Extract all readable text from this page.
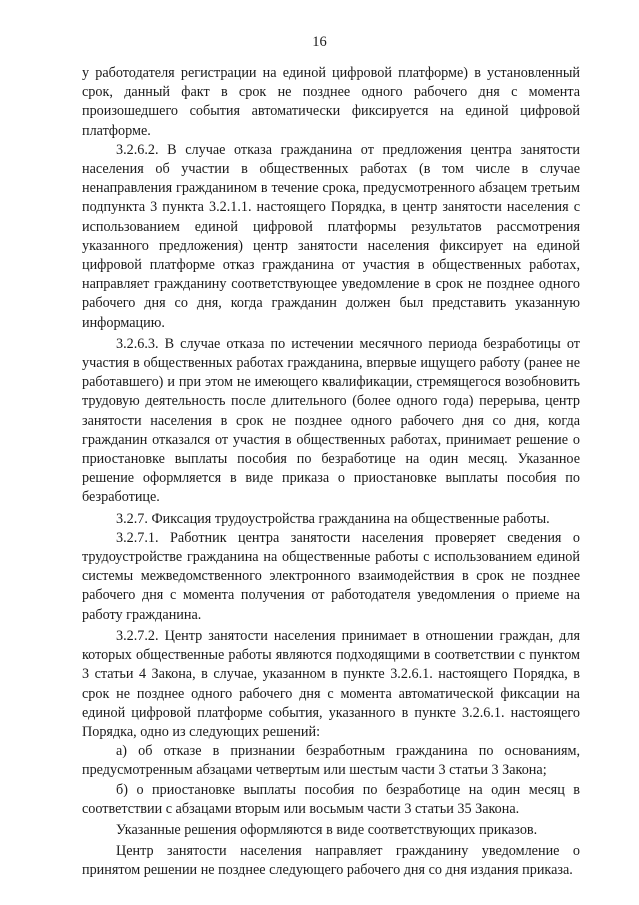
16

у работодателя регистрации на единой цифровой платформе) в установленный срок, данный факт в срок не позднее одного рабочего дня с момента произошедшего события автоматически фиксируется на единой цифровой платформе.

3.2.6.2. В случае отказа гражданина от предложения центра занятости населения об участии в общественных работах (в том числе в случае ненаправления гражданином в течение срока, предусмотренного абзацем третьим подпункта 3 пункта 3.2.1.1. настоящего Порядка, в центр занятости населения с использованием единой цифровой платформы результатов рассмотрения указанного предложения) центр занятости населения фиксирует на единой цифровой платформе отказ гражданина от участия в общественных работах, направляет гражданину соответствующее уведомление в срок не позднее одного рабочего дня со дня, когда гражданин должен был представить указанную информацию.

3.2.6.3. В случае отказа по истечении месячного периода безработицы от участия в общественных работах гражданина, впервые ищущего работу (ранее не работавшего) и при этом не имеющего квалификации, стремящегося возобновить трудовую деятельность после длительного (более одного года) перерыва, центр занятости населения в срок не позднее одного рабочего дня со дня, когда гражданин отказался от участия в общественных работах, принимает решение о приостановке выплаты пособия по безработице на один месяц. Указанное решение оформляется в виде приказа о приостановке выплаты пособия по безработице.

3.2.7. Фиксация трудоустройства гражданина на общественные работы.

3.2.7.1. Работник центра занятости населения проверяет сведения о трудоустройстве гражданина на общественные работы с использованием единой системы межведомственного электронного взаимодействия в срок не позднее рабочего дня с момента получения от работодателя уведомления о приеме на работу гражданина.

3.2.7.2. Центр занятости населения принимает в отношении граждан, для которых общественные работы являются подходящими в соответствии с пунктом 3 статьи 4 Закона, в случае, указанном в пункте 3.2.6.1. настоящего Порядка, в срок не позднее одного рабочего дня с момента автоматической фиксации на единой цифровой платформе события, указанного в пункте 3.2.6.1. настоящего Порядка, одно из следующих решений:

а) об отказе в признании безработным гражданина по основаниям, предусмотренным абзацами четвертым или шестым части 3 статьи 3 Закона;

б) о приостановке выплаты пособия по безработице на один месяц в соответствии с абзацами вторым или восьмым части 3 статьи 35 Закона.

Указанные решения оформляются в виде соответствующих приказов.

Центр занятости населения направляет гражданину уведомление о принятом решении не позднее следующего рабочего дня со дня издания приказа.
